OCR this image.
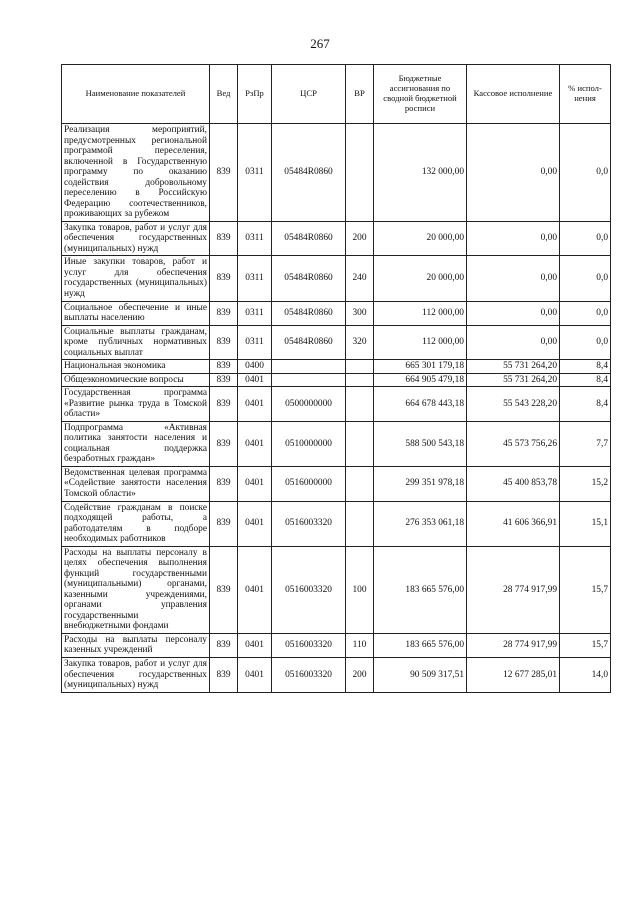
267
Наименование показателей	Вед	РзПр	ЦСР	ВР	Бюджетные ассигнования по сводной бюджетной росписи	Кассовое исполнение	% испол-нения
Реализация мероприятий, предусмотренных региональной программой переселения, включенной в Государственную программу по оказанию содействия добровольному переселению в Российскую Федерацию соотечественников, проживающих за рубежом	839	0311	05484R0860		132 000,00	0,00	0,0
Закупка товаров, работ и услуг для обеспечения государственных (муниципальных) нужд	839	0311	05484R0860	200	20 000,00	0,00	0,0
Иные закупки товаров, работ и услуг для обеспечения государственных (муниципальных) нужд	839	0311	05484R0860	240	20 000,00	0,00	0,0
Социальное обеспечение и иные выплаты населению	839	0311	05484R0860	300	112 000,00	0,00	0,0
Социальные выплаты гражданам, кроме публичных нормативных социальных выплат	839	0311	05484R0860	320	112 000,00	0,00	0,0
Национальная экономика	839	0400			665 301 179,18	55 731 264,20	8,4
Общеэкономические вопросы	839	0401			664 905 479,18	55 731 264,20	8,4
Государственная программа «Развитие рынка труда в Томской области»	839	0401	0500000000		664 678 443,18	55 543 228,20	8,4
Подпрограмма «Активная политика занятости населения и социальная поддержка безработных граждан»	839	0401	0510000000		588 500 543,18	45 573 756,26	7,7
Ведомственная целевая программа «Содействие занятости населения Томской области»	839	0401	0516000000		299 351 978,18	45 400 853,78	15,2
Содействие гражданам в поиске подходящей работы, а работодателям в подборе необходимых работников	839	0401	0516003320		276 353 061,18	41 606 366,91	15,1
Расходы на выплаты персоналу в целях обеспечения выполнения функций государственными (муниципальными) органами, казенными учреждениями, органами управления государственными внебюджетными фондами	839	0401	0516003320	100	183 665 576,00	28 774 917,99	15,7
Расходы на выплаты персоналу казенных учреждений	839	0401	0516003320	110	183 665 576,00	28 774 917,99	15,7
Закупка товаров, работ и услуг для обеспечения государственных (муниципальных) нужд	839	0401	0516003320	200	90 509 317,51	12 677 285,01	14,0
